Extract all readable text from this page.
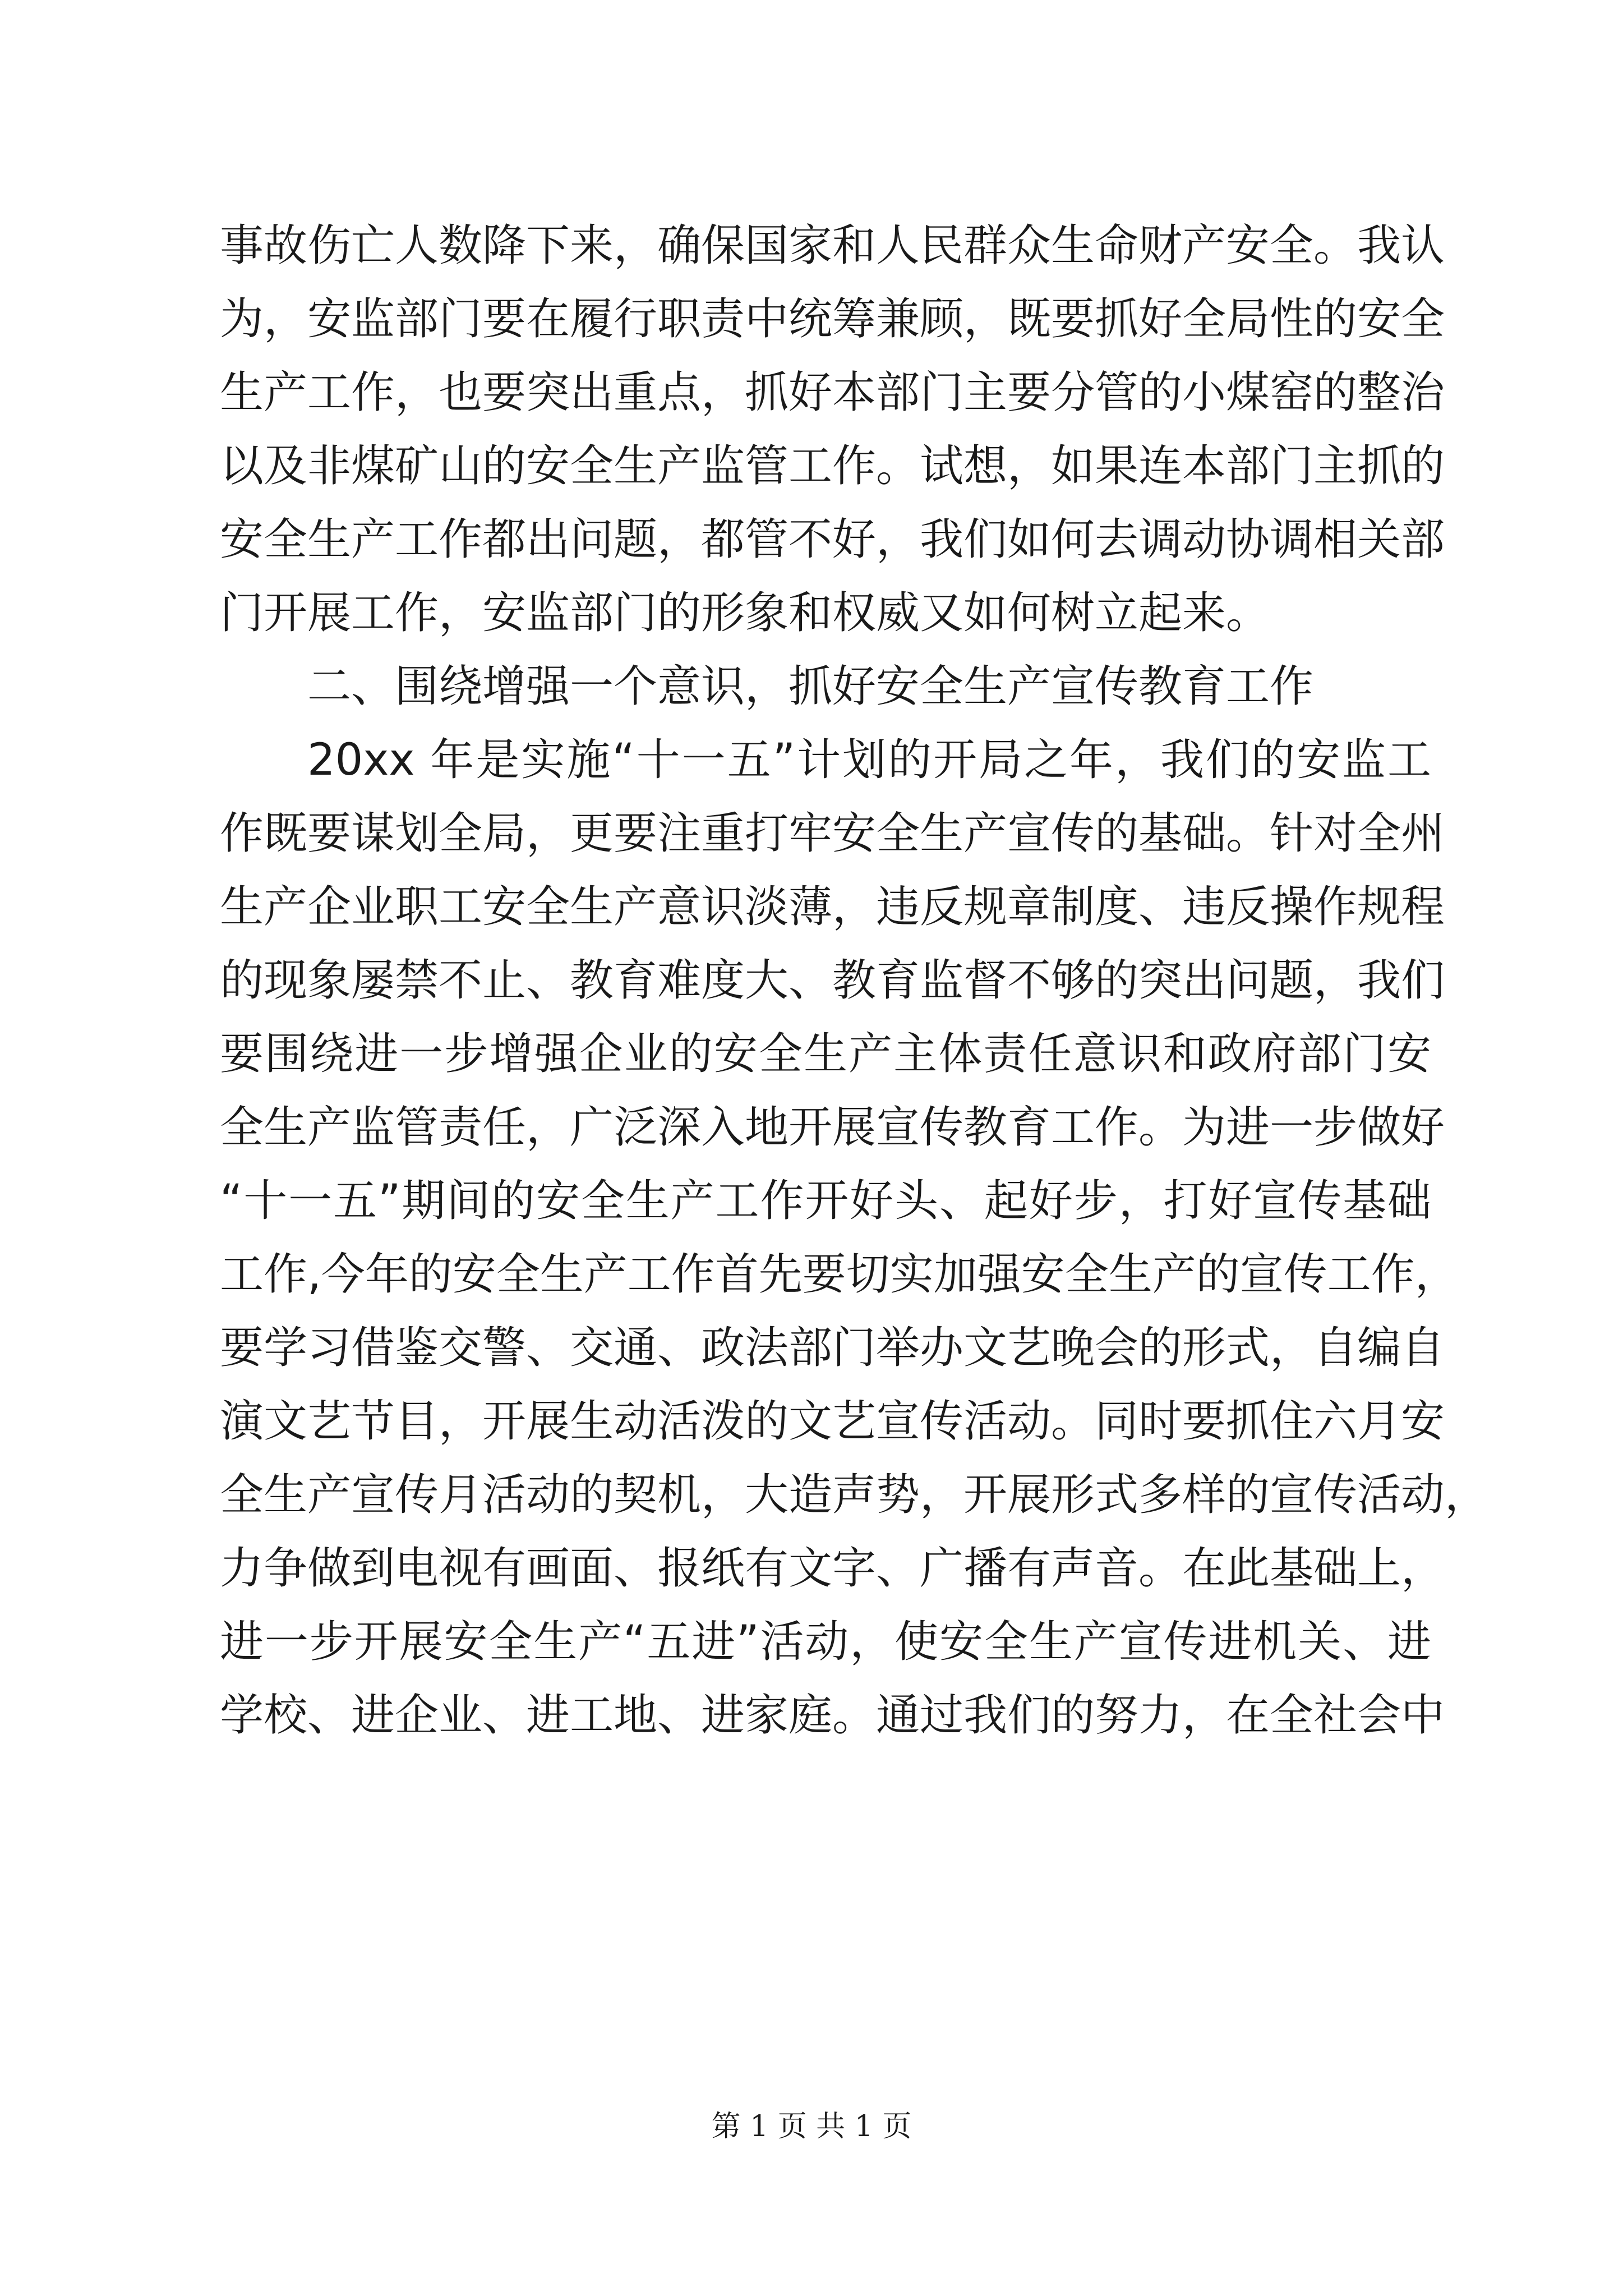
事故伤亡人数降下来，确保国家和人民群众生命财产安全。我认
为，安监部门要在履行职责中统筹兼顾，既要抓好全局性的安全
生产工作，也要突出重点，抓好本部门主要分管的小煤窑的整治
以及非煤矿山的安全生产监管工作。试想，如果连本部门主抓的
安全生产工作都出问题，都管不好，我们如何去调动协调相关部
门开展工作，安监部门的形象和权威又如何树立起来。
二、围绕增强一个意识，抓好安全生产宣传教育工作
20xx 年是实施“十一五”计划的开局之年，我们的安监工
作既要谋划全局，更要注重打牢安全生产宣传的基础。针对全州
生产企业职工安全生产意识淡薄，违反规章制度、违反操作规程
的现象屡禁不止、教育难度大、教育监督不够的突出问题，我们
要围绕进一步增强企业的安全生产主体责任意识和政府部门安
全生产监管责任，广泛深入地开展宣传教育工作。为进一步做好
“十一五”期间的安全生产工作开好头、起好步，打好宣传基础
工作,今年的安全生产工作首先要切实加强安全生产的宣传工作，
要学习借鉴交警、交通、政法部门举办文艺晚会的形式，自编自
演文艺节目，开展生动活泼的文艺宣传活动。同时要抓住六月安
全生产宣传月活动的契机，大造声势，开展形式多样的宣传活动，
力争做到电视有画面、报纸有文字、广播有声音。在此基础上，
进一步开展安全生产“五进”活动，使安全生产宣传进机关、进
学校、进企业、进工地、进家庭。通过我们的努力，在全社会中
第 1 页 共 1 页
